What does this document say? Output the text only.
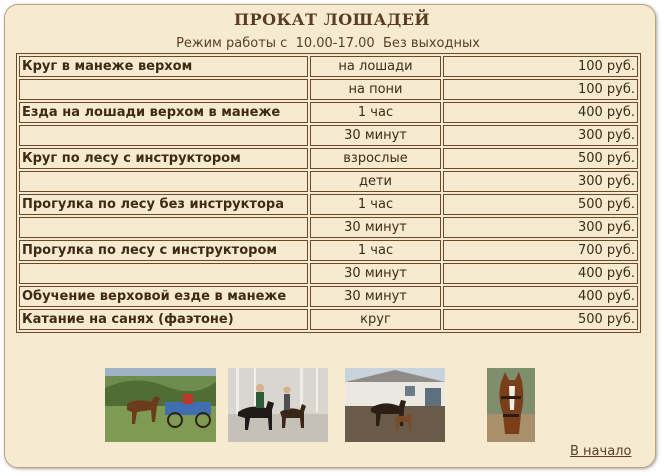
ПРОКАТ ЛОШАДЕЙ

Режим работы с  10.00-17.00  Без выходных

Круг в манеже верхом	на лошади	100 руб.
	на пони	100 руб.
Езда на лошади верхом в манеже	1 час	400 руб.
	30 минут	300 руб.
Круг по лесу с инструктором	взрослые	500 руб.
	дети	300 руб.
Прогулка по лесу без инструктора	1 час	500 руб.
	30 минут	300 руб.
Прогулка по лесу с инструктором	1 час	700 руб.
	30 минут	400 руб.
Обучение верховой езде в манеже	30 минут	400 руб.
Катание на санях (фаэтоне)	круг	500 руб.
В начало
